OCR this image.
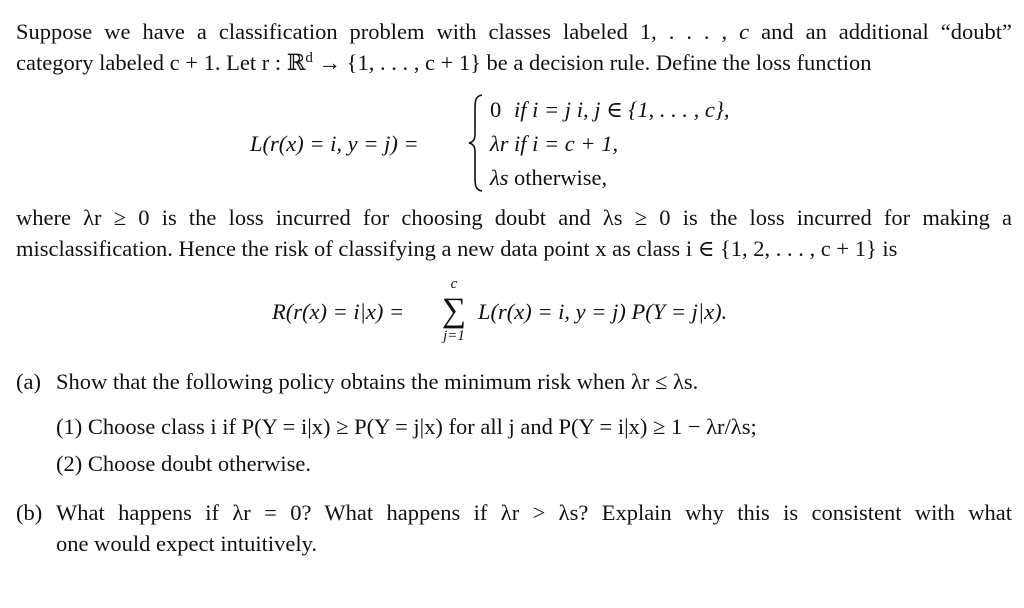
Suppose we have a classification problem with classes labeled 1, . . . , c and an additional “doubt”
category labeled c + 1. Let r : ℝ$^d$ → {1, . . . , c + 1} be a decision rule. Define the loss function

L(r(x) = i, y = j) =
0 if i = j i, j ∈ {1, . . . , c},
λr if i = c + 1,
λs otherwise,

where λr ≥ 0 is the loss incurred for choosing doubt and λs ≥ 0 is the loss incurred for making a
misclassification. Hence the risk of classifying a new data point x as class i ∈ {1, 2, . . . , c + 1} is

R(r(x) = i|x) =
c
∑
j=1
L(r(x) = i, y = j) P(Y = j|x).
(a) Show that the following policy obtains the minimum risk when λr ≤ λs.
(1) Choose class i if P(Y = i|x) ≥ P(Y = j|x) for all j and P(Y = i|x) ≥ 1 − λr/λs;
(2) Choose doubt otherwise.
(b) What happens if λr = 0? What happens if λr > λs? Explain why this is consistent with what
one would expect intuitively.
